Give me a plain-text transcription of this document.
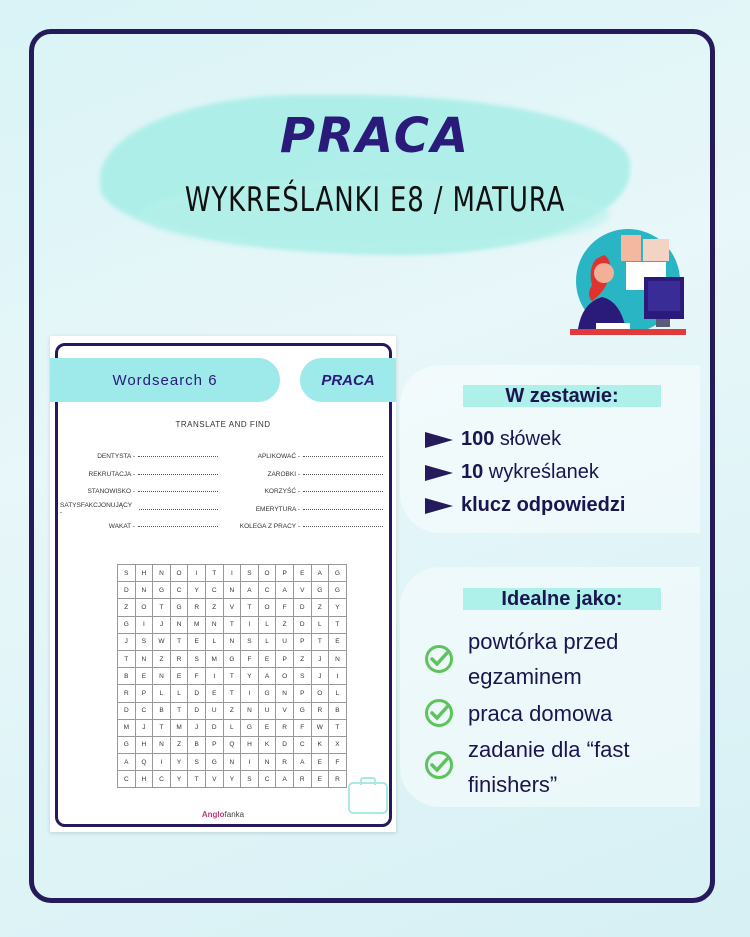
PRACA
WYKREŚLANKI E8 / MATURA
Wordsearch 6	PRACA
TRANSLATE AND FIND
DENTYSTA -
REKRUTACJA -
STANOWISKO -
SATYSFAKCJONUJĄCY -
WAKAT -
APLIKOWAĆ -
ZAROBKI -
KORZYŚĆ -
EMERYTURA -
KOLEGA Z PRACY -
S	H	N	O	I	T	I	S	O	P	E	A	G
D	N	G	C	Y	C	N	A	C	A	V	G	G
Z	O	T	G	R	Z	V	T	O	F	D	Z	Y
G	I	J	N	M	N	T	I	L	Z	D	L	T
J	S	W	T	E	L	N	S	L	U	P	T	E
T	N	Z	R	S	M	G	F	E	P	Z	J	N
B	E	N	E	F	I	T	Y	A	O	S	J	I
R	P	L	L	D	E	T	I	G	N	P	O	L
D	C	B	T	D	U	Z	N	U	V	G	R	B
M	J	T	M	J	D	L	G	E	R	F	W	T
G	H	N	Z	B	P	Q	H	K	D	C	K	X
A	Q	I	Y	S	G	N	I	N	R	A	E	F
C	H	C	Y	T	V	Y	S	C	A	R	E	R
Anglofanka
W zestawie:
100 słówek
10 wykreślanek
klucz odpowiedzi
Idealne jako:
powtórka przed
egzaminem
praca domowa
zadanie dla “fast
finishers”
